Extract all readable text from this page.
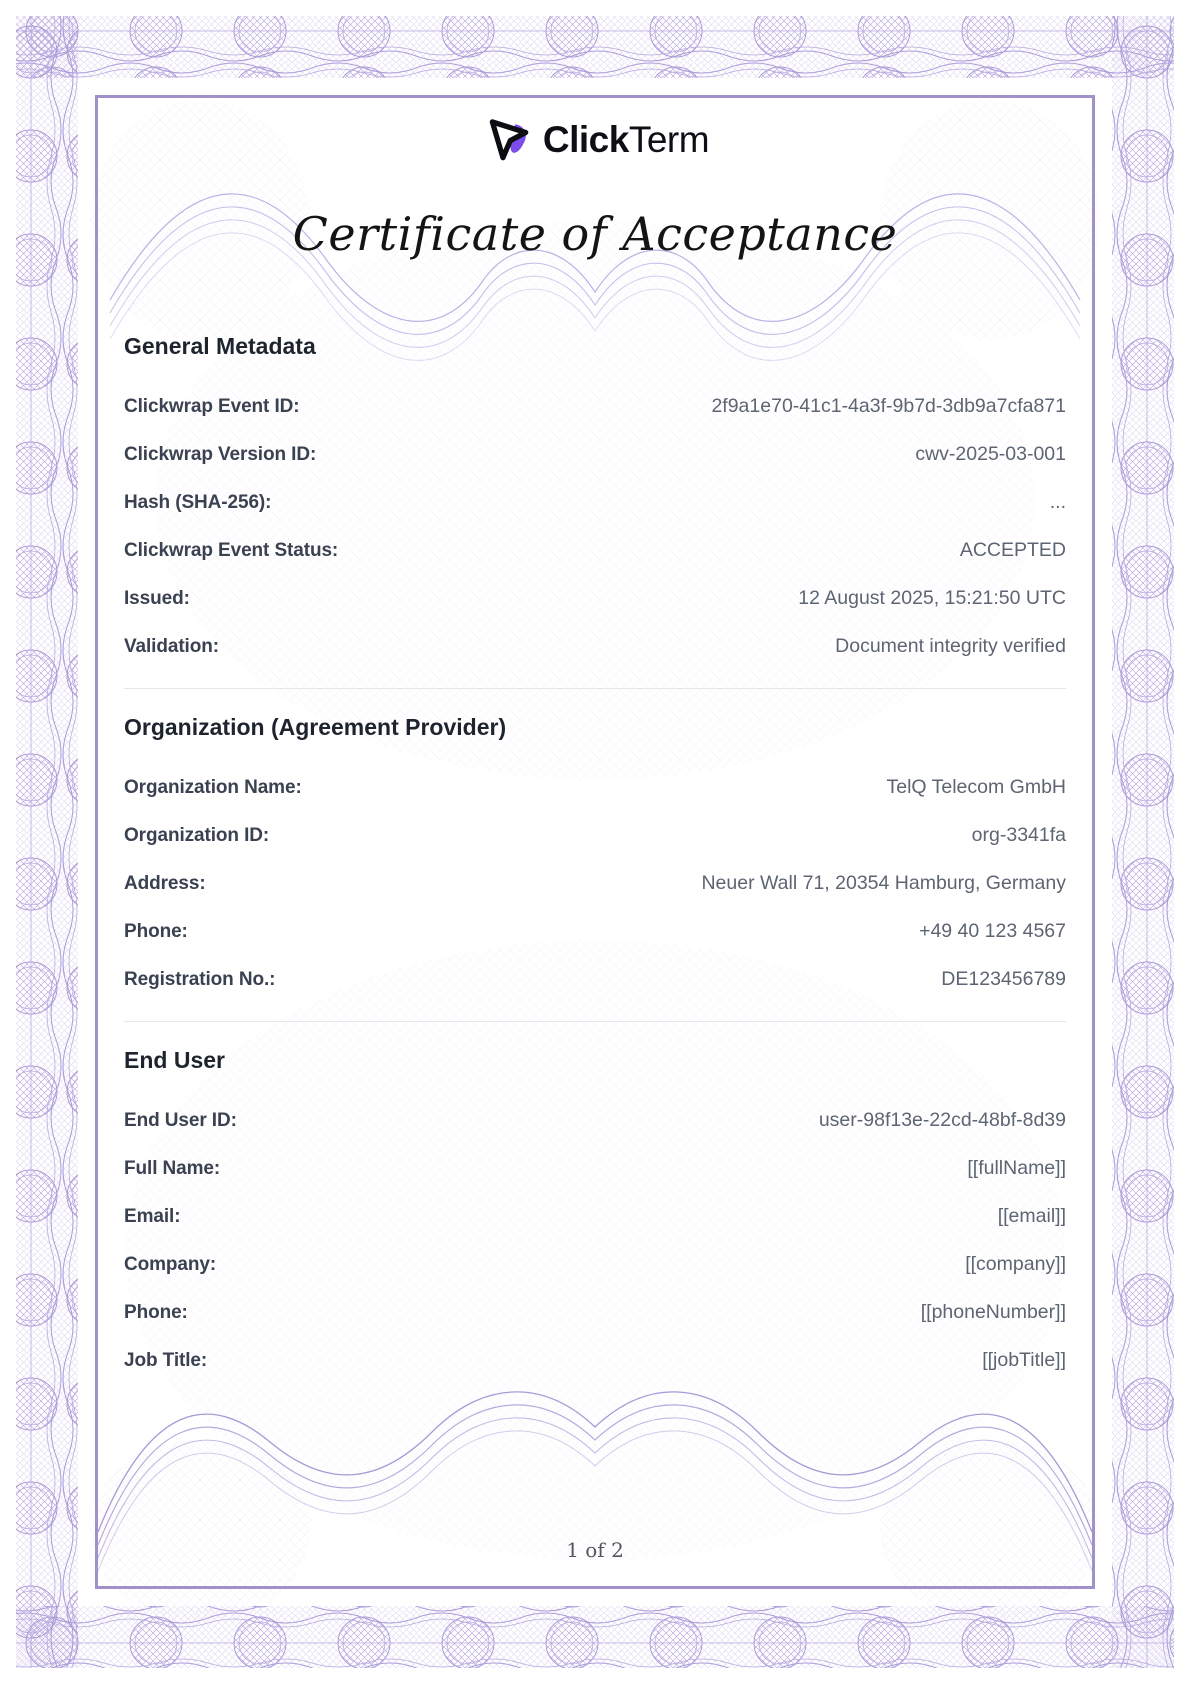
ClickTerm
Certificate of Acceptance
General Metadata
Clickwrap Event ID:	2f9a1e70-41c1-4a3f-9b7d-3db9a7cfa871
Clickwrap Version ID:	cwv-2025-03-001
Hash (SHA-256):	...
Clickwrap Event Status:	ACCEPTED
Issued:	12 August 2025, 15:21:50 UTC
Validation:	Document integrity verified
Organization (Agreement Provider)
Organization Name:	TelQ Telecom GmbH
Organization ID:	org-3341fa
Address:	Neuer Wall 71, 20354 Hamburg, Germany
Phone:	+49 40 123 4567
Registration No.:	DE123456789
End User
End User ID:	user-98f13e-22cd-48bf-8d39
Full Name:	[[fullName]]
Email:	[[email]]
Company:	[[company]]
Phone:	[[phoneNumber]]
Job Title:	[[jobTitle]]
1 of 2
